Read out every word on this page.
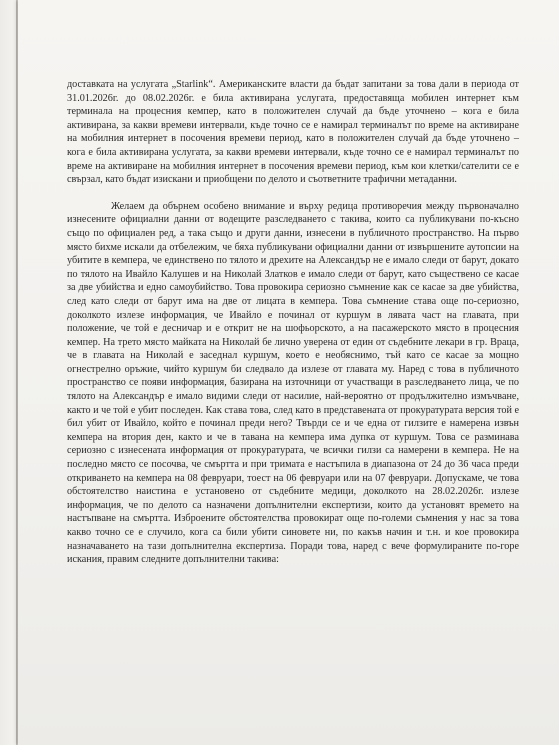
доставката на услугата „Starlink“. Американските власти да бъдат запитани за това дали в периода от 31.01.2026г. до 08.02.2026г. е била активирана услугата, предоставяща мобилен интернет към терминала на процесния кемпер, като в положителен случай да бъде уточнено – кога е била активирана, за какви времеви интервали, къде точно се е намирал терминалът по време на активиране на мобилния интернет в посочения времеви период, като в положителен случай да бъде уточнено – кога е била активирана услугата, за какви времеви интервали, къде точно се е намирал терминалът по време на активиране на мобилния интернет в посочения времеви период, към кои клетки/сателити се е свързал, като бъдат изискани и приобщени по делото и съответните трафични метаданни.

Желаем да обърнем особено внимание и върху редица противоречия между първоначално изнесените официални данни от водещите разследването с такива, които са публикувани по-късно също по официален ред, а така също и други данни, изнесени в публичното пространство. На първо място бихме искали да отбележим, че бяха публикувани официални данни от извършените аутопсии на убитите в кемпера, че единствено по тялото и дрехите на Александър не е имало следи от барут, докато по тялото на Ивайло Калушев и на Николай Златков е имало следи от барут, като съществено се касае за две убийства и едно самоубийство. Това провокира сериозно съмнение как се касае за две убийства, след като следи от барут има на две от лицата в кемпера. Това съмнение става още по-сериозно, доколкото излезе информация, че Ивайло е починал от куршум в лявата част на главата, при положение, че той е десничар и е открит не на шофьорското, а на пасажерското място в процесния кемпер. На трето място майката на Николай бе лично уверена от един от съдебните лекари в гр. Враца, че в главата на Николай е заседнал куршум, което е необяснимо, тъй като се касае за мощно огнестрелно оръжие, чийто куршум би следвало да излезе от главата му. Наред с това в публичното пространство се появи информация, базирана на източници от участващи в разследването лица, че по тялото на Александър е имало видими следи от насилие, най-вероятно от продължително измъчване, както и че той е убит последен. Как става това, след като в представената от прокуратурата версия той е бил убит от Ивайло, който е починал преди него? Твърди се и че една от гилзите е намерена извън кемпера на втория ден, както и че в тавана на кемпера има дупка от куршум. Това се разминава сериозно с изнесената информация от прокуратурата, че всички гилзи са намерени в кемпера. Не на последно място се посочва, че смъртта и при тримата е настъпила в диапазона от 24 до 36 часа преди откриването на кемпера на 08 февруари, тоест на 06 февруари или на 07 февруари. Допускаме, че това обстоятелство наистина е установено от съдебните медици, доколкото на 28.02.2026г. излезе информация, че по делото са назначени допълнителни експертизи, които да установят времето на настъпване на смъртта. Изброените обстоятелства провокират още по-големи съмнения у нас за това какво точно се е случило, кога са били убити синовете ни, по какъв начин и т.н. и кое провокира назначаването на тази допълнителна експертиза. Поради това, наред с вече формулираните по-горе искания, правим следните допълнителни такива:
